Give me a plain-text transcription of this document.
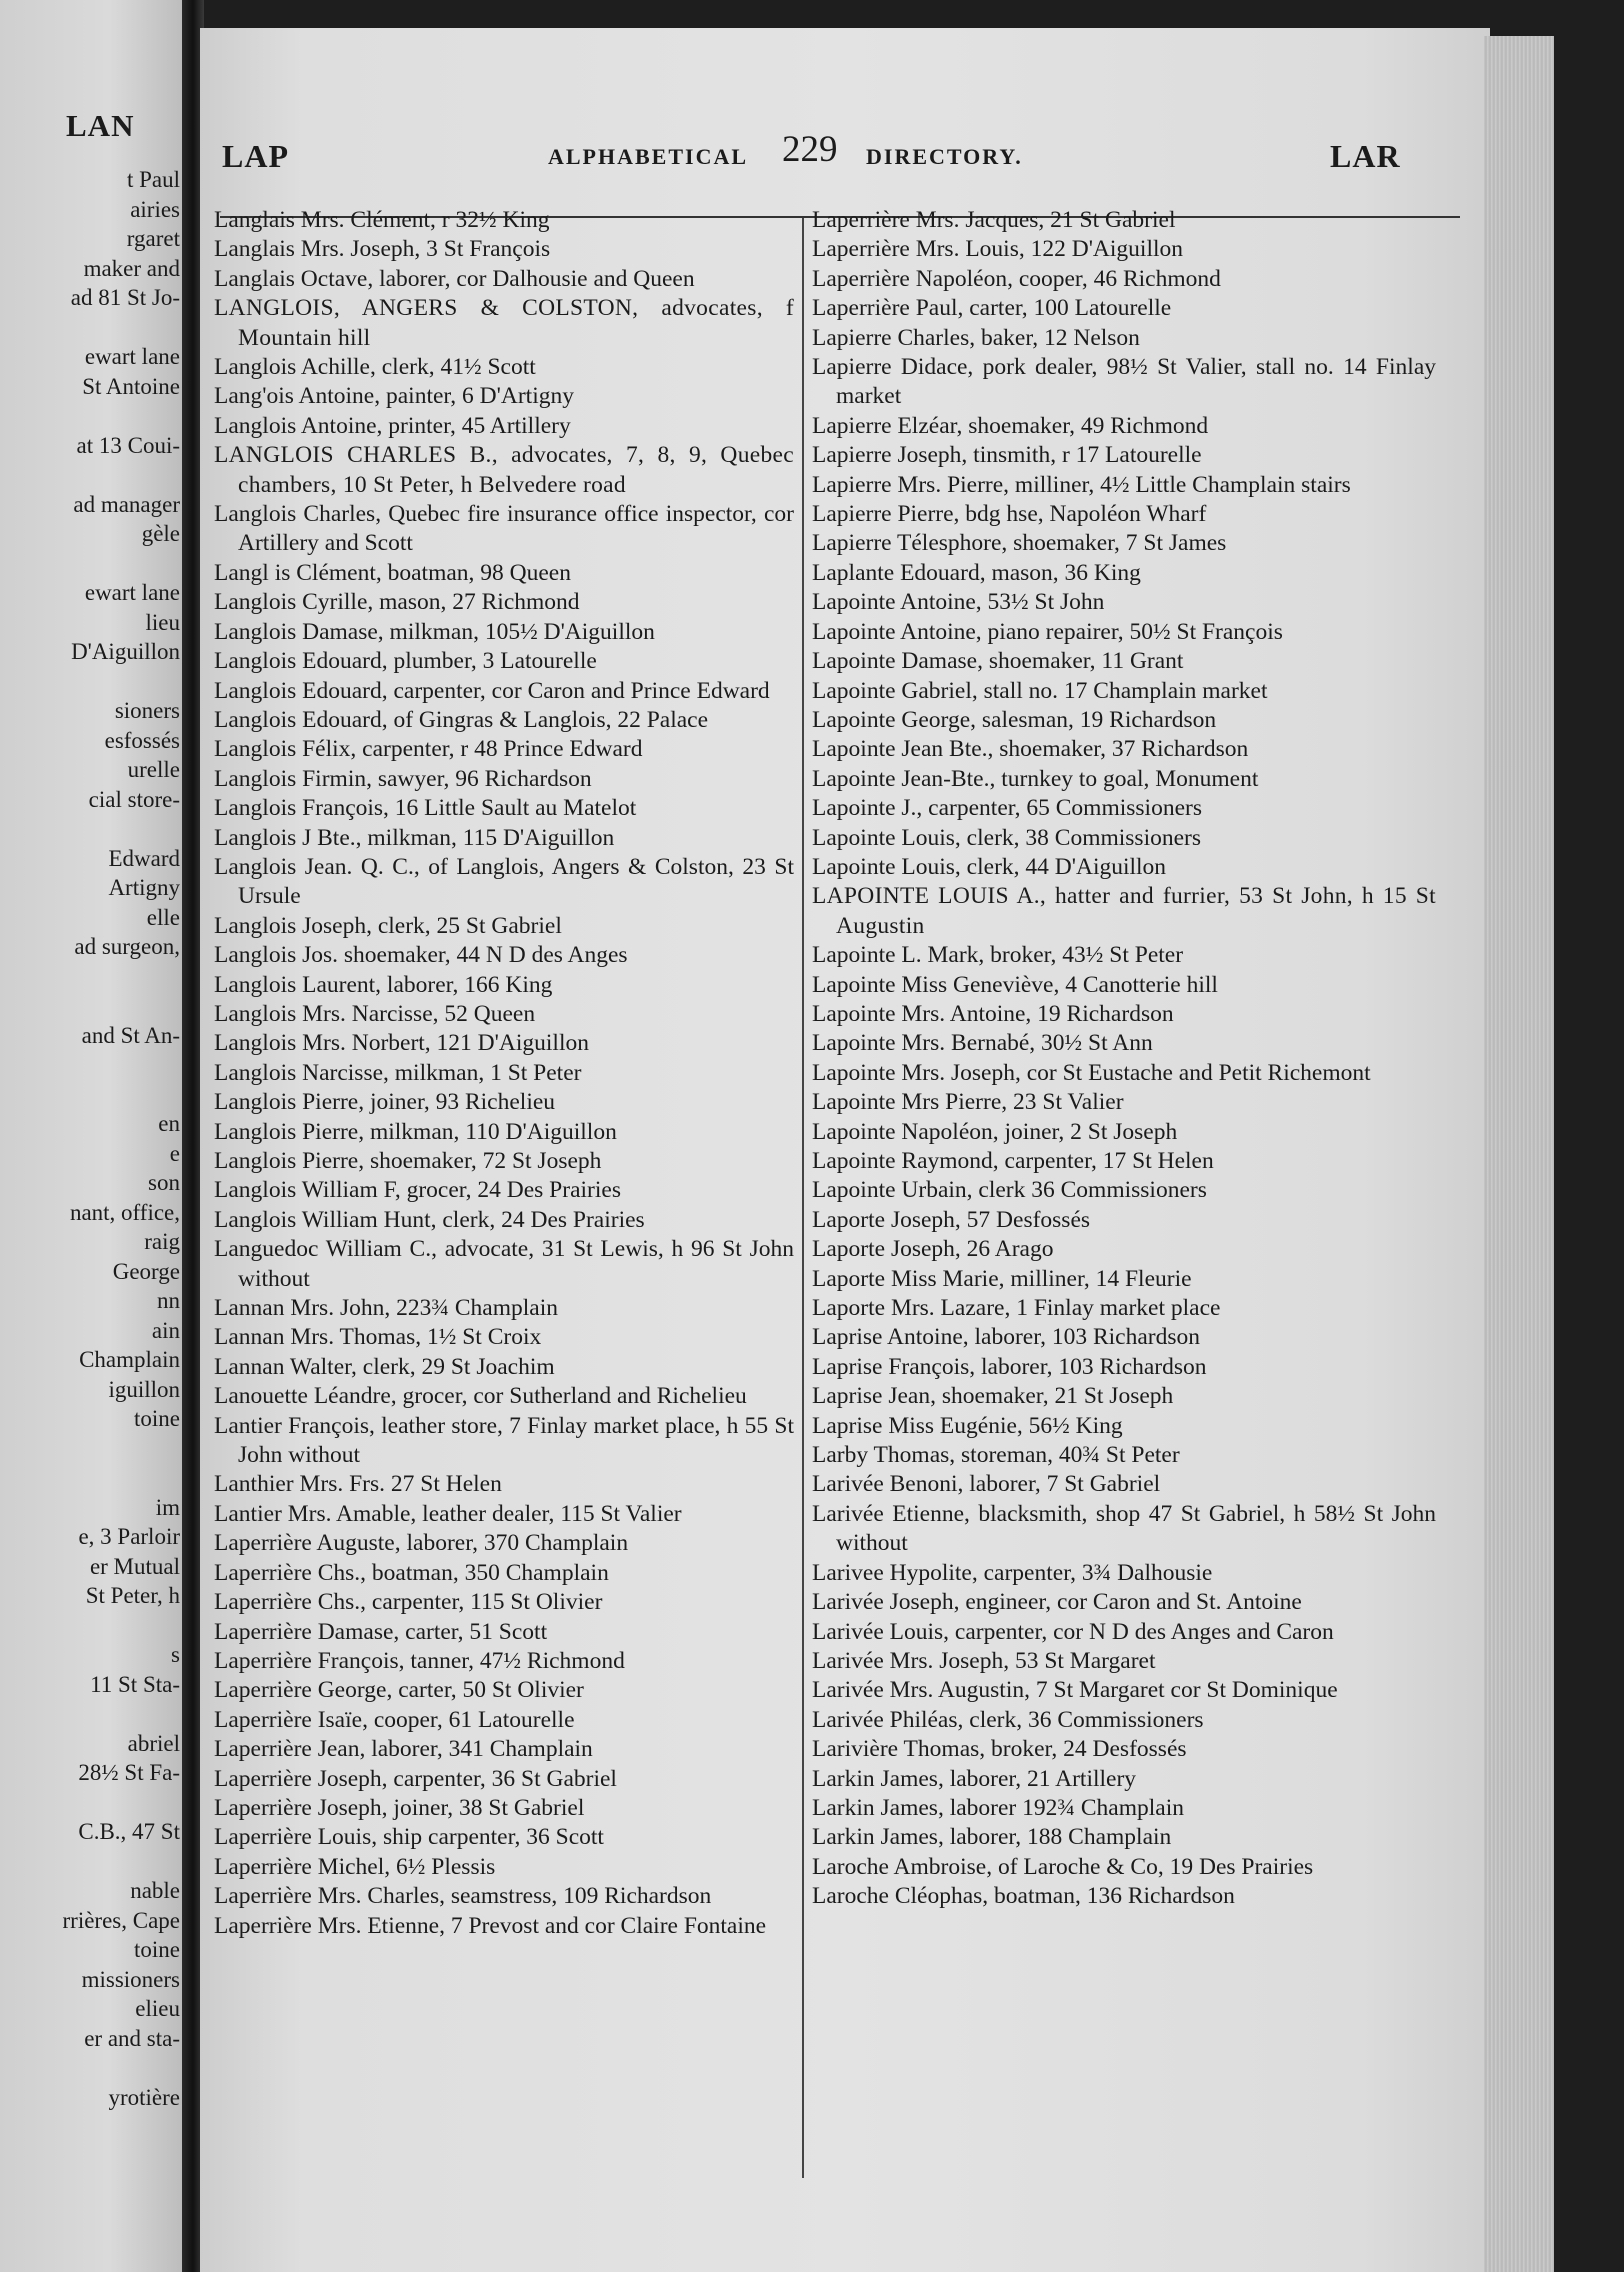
LAN
t Paul
airies
rgaret
maker and
ad 81 St Jo-
ewart lane
St Antoine
at 13 Coui-
ad manager
gèle
ewart lane
lieu
D'Aiguillon
sioners
esfossés
urelle
cial store-
Edward
Artigny
elle
ad surgeon,
and St An-
en
e
son
nant, office,
raig
George
nn
ain
Champlain
iguillon
toine
im
e, 3 Parloir
er Mutual
St Peter, h
s
11 St Sta-
abriel
28½ St Fa-
C.B., 47 St
nable
rrières, Cape
toine
missioners
elieu
er and sta-
yrotière
LAP	ALPHABETICAL 229 DIRECTORY.	LAR
Langlais Mrs. Clément, r 32½ King
Langlais Mrs. Joseph, 3 St François
Langlais Octave, laborer, cor Dalhousie and Queen
LANGLOIS, ANGERS & COLSTON, advocates, f Mountain hill
Langlois Achille, clerk, 41½ Scott
Lang'ois Antoine, painter, 6 D'Artigny
Langlois Antoine, printer, 45 Artillery
LANGLOIS CHARLES B., advocates, 7, 8, 9, Quebec chambers, 10 St Peter, h Belvedere road
Langlois Charles, Quebec fire insurance office inspector, cor Artillery and Scott
Langl is Clément, boatman, 98 Queen
Langlois Cyrille, mason, 27 Richmond
Langlois Damase, milkman, 105½ D'Aiguillon
Langlois Edouard, plumber, 3 Latourelle
Langlois Edouard, carpenter, cor Caron and Prince Edward
Langlois Edouard, of Gingras & Langlois, 22 Palace
Langlois Félix, carpenter, r 48 Prince Edward
Langlois Firmin, sawyer, 96 Richardson
Langlois François, 16 Little Sault au Matelot
Langlois J Bte., milkman, 115 D'Aiguillon
Langlois Jean. Q. C., of Langlois, Angers & Colston, 23 St Ursule
Langlois Joseph, clerk, 25 St Gabriel
Langlois Jos. shoemaker, 44 N D des Anges
Langlois Laurent, laborer, 166 King
Langlois Mrs. Narcisse, 52 Queen
Langlois Mrs. Norbert, 121 D'Aiguillon
Langlois Narcisse, milkman, 1 St Peter
Langlois Pierre, joiner, 93 Richelieu
Langlois Pierre, milkman, 110 D'Aiguillon
Langlois Pierre, shoemaker, 72 St Joseph
Langlois William F, grocer, 24 Des Prairies
Langlois William Hunt, clerk, 24 Des Prairies
Languedoc William C., advocate, 31 St Lewis, h 96 St John without
Lannan Mrs. John, 223¾ Champlain
Lannan Mrs. Thomas, 1½ St Croix
Lannan Walter, clerk, 29 St Joachim
Lanouette Léandre, grocer, cor Sutherland and Richelieu
Lantier François, leather store, 7 Finlay market place, h 55 St John without
Lanthier Mrs. Frs. 27 St Helen
Lantier Mrs. Amable, leather dealer, 115 St Valier
Laperrière Auguste, laborer, 370 Champlain
Laperrière Chs., boatman, 350 Champlain
Laperrière Chs., carpenter, 115 St Olivier
Laperrière Damase, carter, 51 Scott
Laperrière François, tanner, 47½ Richmond
Laperrière George, carter, 50 St Olivier
Laperrière Isaïe, cooper, 61 Latourelle
Laperrière Jean, laborer, 341 Champlain
Laperrière Joseph, carpenter, 36 St Gabriel
Laperrière Joseph, joiner, 38 St Gabriel
Laperrière Louis, ship carpenter, 36 Scott
Laperrière Michel, 6½ Plessis
Laperrière Mrs. Charles, seamstress, 109 Richardson
Laperrière Mrs. Etienne, 7 Prevost and cor Claire Fontaine
Laperrière Mrs. Jacques, 21 St Gabriel
Laperrière Mrs. Louis, 122 D'Aiguillon
Laperrière Napoléon, cooper, 46 Richmond
Laperrière Paul, carter, 100 Latourelle
Lapierre Charles, baker, 12 Nelson
Lapierre Didace, pork dealer, 98½ St Valier, stall no. 14 Finlay market
Lapierre Elzéar, shoemaker, 49 Richmond
Lapierre Joseph, tinsmith, r 17 Latourelle
Lapierre Mrs. Pierre, milliner, 4½ Little Champlain stairs
Lapierre Pierre, bdg hse, Napoléon Wharf
Lapierre Télesphore, shoemaker, 7 St James
Laplante Edouard, mason, 36 King
Lapointe Antoine, 53½ St John
Lapointe Antoine, piano repairer, 50½ St François
Lapointe Damase, shoemaker, 11 Grant
Lapointe Gabriel, stall no. 17 Champlain market
Lapointe George, salesman, 19 Richardson
Lapointe Jean Bte., shoemaker, 37 Richardson
Lapointe Jean-Bte., turnkey to goal, Monument
Lapointe J., carpenter, 65 Commissioners
Lapointe Louis, clerk, 38 Commissioners
Lapointe Louis, clerk, 44 D'Aiguillon
LAPOINTE LOUIS A., hatter and furrier, 53 St John, h 15 St Augustin
Lapointe L. Mark, broker, 43½ St Peter
Lapointe Miss Geneviève, 4 Canotterie hill
Lapointe Mrs. Antoine, 19 Richardson
Lapointe Mrs. Bernabé, 30½ St Ann
Lapointe Mrs. Joseph, cor St Eustache and Petit Richemont
Lapointe Mrs Pierre, 23 St Valier
Lapointe Napoléon, joiner, 2 St Joseph
Lapointe Raymond, carpenter, 17 St Helen
Lapointe Urbain, clerk 36 Commissioners
Laporte Joseph, 57 Desfossés
Laporte Joseph, 26 Arago
Laporte Miss Marie, milliner, 14 Fleurie
Laporte Mrs. Lazare, 1 Finlay market place
Laprise Antoine, laborer, 103 Richardson
Laprise François, laborer, 103 Richardson
Laprise Jean, shoemaker, 21 St Joseph
Laprise Miss Eugénie, 56½ King
Larby Thomas, storeman, 40¾ St Peter
Larivée Benoni, laborer, 7 St Gabriel
Larivée Etienne, blacksmith, shop 47 St Gabriel, h 58½ St John without
Larivee Hypolite, carpenter, 3¾ Dalhousie
Larivée Joseph, engineer, cor Caron and St. Antoine
Larivée Louis, carpenter, cor N D des Anges and Caron
Larivée Mrs. Joseph, 53 St Margaret
Larivée Mrs. Augustin, 7 St Margaret cor St Dominique
Larivée Philéas, clerk, 36 Commissioners
Larivière Thomas, broker, 24 Desfossés
Larkin James, laborer, 21 Artillery
Larkin James, laborer 192¾ Champlain
Larkin James, laborer, 188 Champlain
Laroche Ambroise, of Laroche & Co, 19 Des Prairies
Laroche Cléophas, boatman, 136 Richardson
